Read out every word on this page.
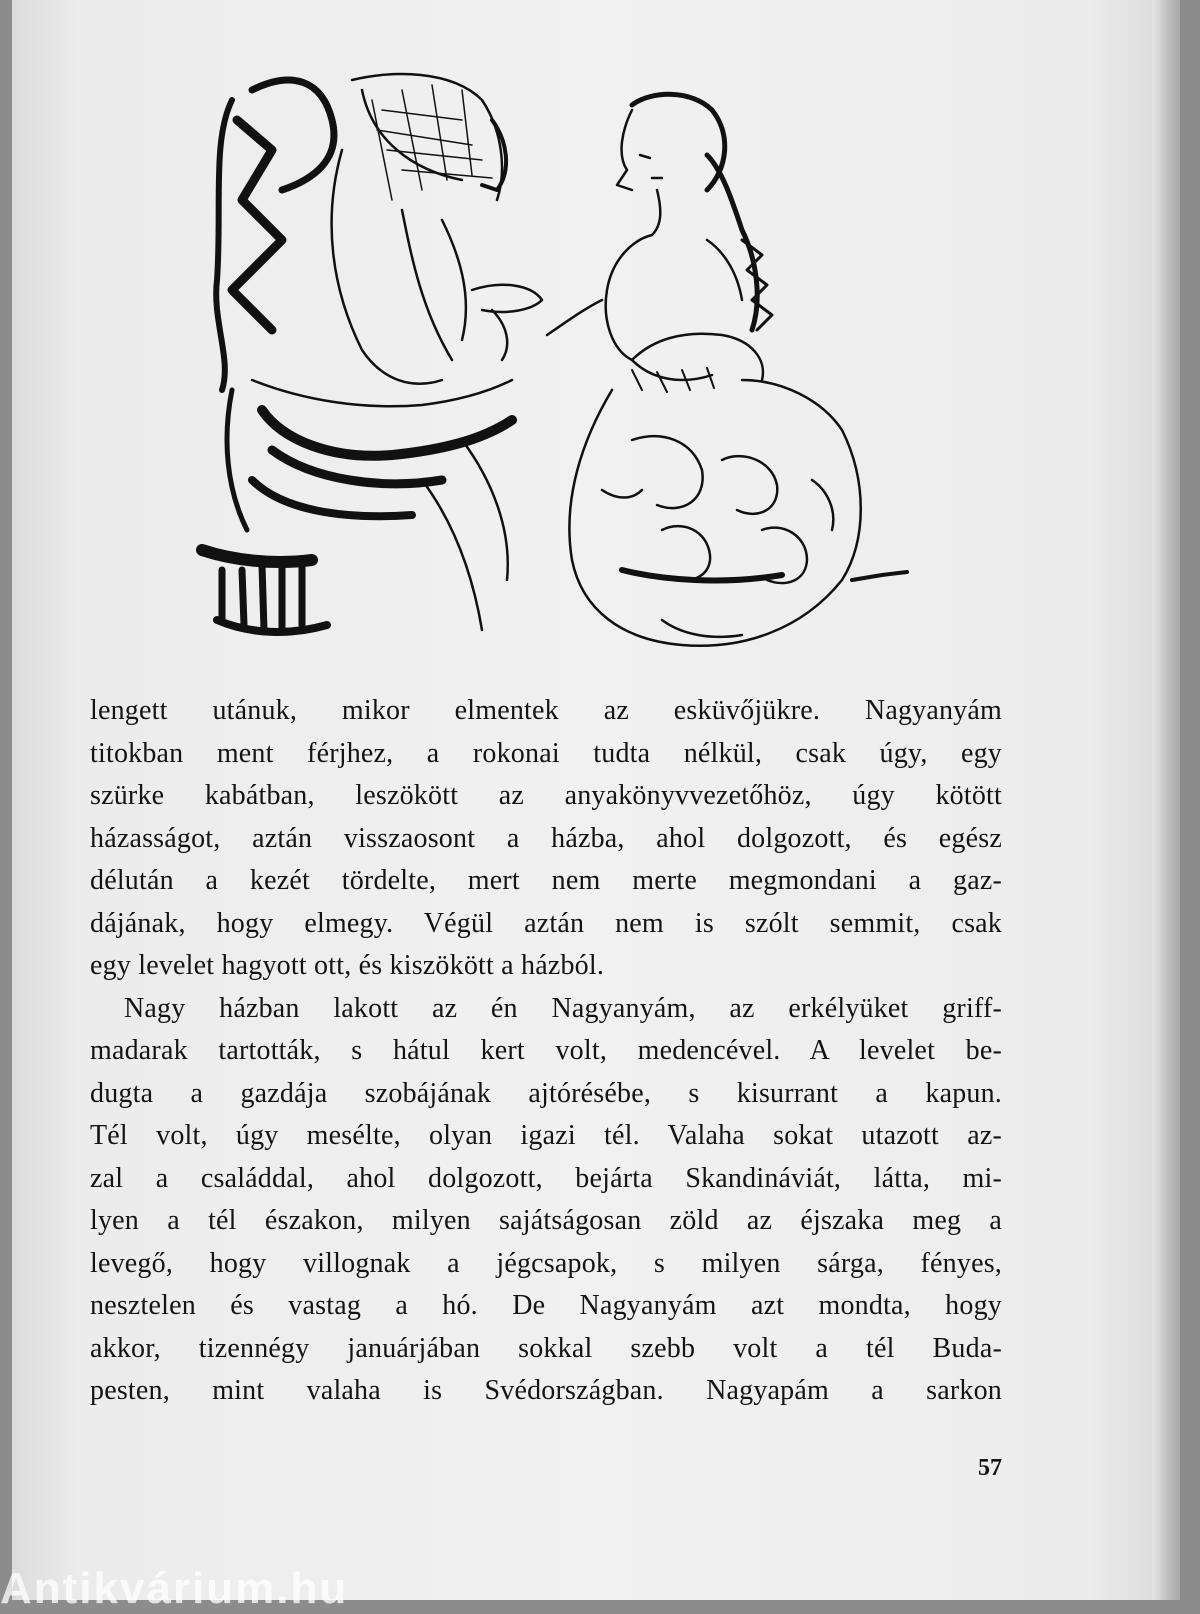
lengett utánuk, mikor elmentek az esküvőjükre. Nagyanyám
titokban ment férjhez, a rokonai tudta nélkül, csak úgy, egy
szürke kabátban, leszökött az anyakönyvvezetőhöz, úgy kötött
házasságot, aztán visszaosont a házba, ahol dolgozott, és egész
délután a kezét tördelte, mert nem merte megmondani a gaz-
dájának, hogy elmegy. Végül aztán nem is szólt semmit, csak
egy levelet hagyott ott, és kiszökött a házból.
Nagy házban lakott az én Nagyanyám, az erkélyüket griff-
madarak tartották, s hátul kert volt, medencével. A levelet be-
dugta a gazdája szobájának ajtórésébe, s kisurrant a kapun.
Tél volt, úgy mesélte, olyan igazi tél. Valaha sokat utazott az-
zal a családdal, ahol dolgozott, bejárta Skandináviát, látta, mi-
lyen a tél északon, milyen sajátságosan zöld az éjszaka meg a
levegő, hogy villognak a jégcsapok, s milyen sárga, fényes,
nesztelen és vastag a hó. De Nagyanyám azt mondta, hogy
akkor, tizennégy januárjában sokkal szebb volt a tél Buda-
pesten, mint valaha is Svédországban. Nagyapám a sarkon
57
Antikvárium.hu
